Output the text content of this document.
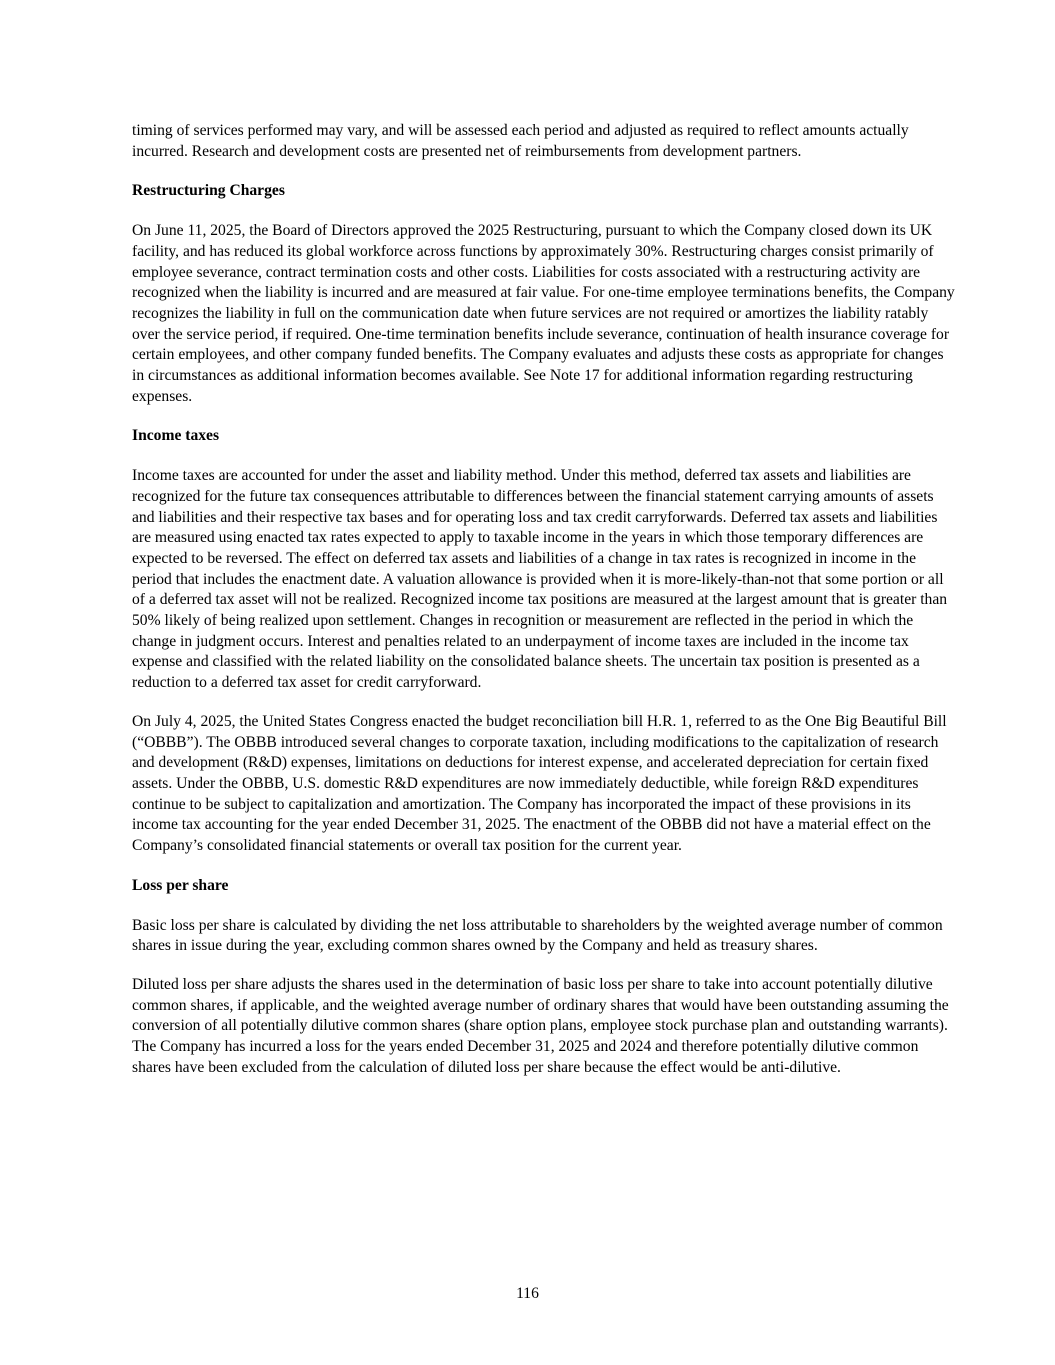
timing of services performed may vary, and will be assessed each period and adjusted as required to reflect amounts actually incurred. Research and development costs are presented net of reimbursements from development partners.

Restructuring Charges

On June 11, 2025, the Board of Directors approved the 2025 Restructuring, pursuant to which the Company closed down its UK facility, and has reduced its global workforce across functions by approximately 30%. Restructuring charges consist primarily of employee severance, contract termination costs and other costs. Liabilities for costs associated with a restructuring activity are recognized when the liability is incurred and are measured at fair value. For one-time employee terminations benefits, the Company recognizes the liability in full on the communication date when future services are not required or amortizes the liability ratably over the service period, if required. One-time termination benefits include severance, continuation of health insurance coverage for certain employees, and other company funded benefits. The Company evaluates and adjusts these costs as appropriate for changes in circumstances as additional information becomes available. See Note 17 for additional information regarding restructuring expenses.

Income taxes

Income taxes are accounted for under the asset and liability method. Under this method, deferred tax assets and liabilities are recognized for the future tax consequences attributable to differences between the financial statement carrying amounts of assets and liabilities and their respective tax bases and for operating loss and tax credit carryforwards. Deferred tax assets and liabilities are measured using enacted tax rates expected to apply to taxable income in the years in which those temporary differences are expected to be reversed. The effect on deferred tax assets and liabilities of a change in tax rates is recognized in income in the period that includes the enactment date. A valuation allowance is provided when it is more-likely-than-not that some portion or all of a deferred tax asset will not be realized. Recognized income tax positions are measured at the largest amount that is greater than 50% likely of being realized upon settlement. Changes in recognition or measurement are reflected in the period in which the change in judgment occurs. Interest and penalties related to an underpayment of income taxes are included in the income tax expense and classified with the related liability on the consolidated balance sheets. The uncertain tax position is presented as a reduction to a deferred tax asset for credit carryforward.

On July 4, 2025, the United States Congress enacted the budget reconciliation bill H.R. 1, referred to as the One Big Beautiful Bill (“OBBB”). The OBBB introduced several changes to corporate taxation, including modifications to the capitalization of research and development (R&D) expenses, limitations on deductions for interest expense, and accelerated depreciation for certain fixed assets. Under the OBBB, U.S. domestic R&D expenditures are now immediately deductible, while foreign R&D expenditures continue to be subject to capitalization and amortization. The Company has incorporated the impact of these provisions in its income tax accounting for the year ended December 31, 2025. The enactment of the OBBB did not have a material effect on the Company’s consolidated financial statements or overall tax position for the current year.

Loss per share

Basic loss per share is calculated by dividing the net loss attributable to shareholders by the weighted average number of common shares in issue during the year, excluding common shares owned by the Company and held as treasury shares.

Diluted loss per share adjusts the shares used in the determination of basic loss per share to take into account potentially dilutive common shares, if applicable, and the weighted average number of ordinary shares that would have been outstanding assuming the conversion of all potentially dilutive common shares (share option plans, employee stock purchase plan and outstanding warrants). The Company has incurred a loss for the years ended December 31, 2025 and 2024 and therefore potentially dilutive common shares have been excluded from the calculation of diluted loss per share because the effect would be anti-dilutive.

116
